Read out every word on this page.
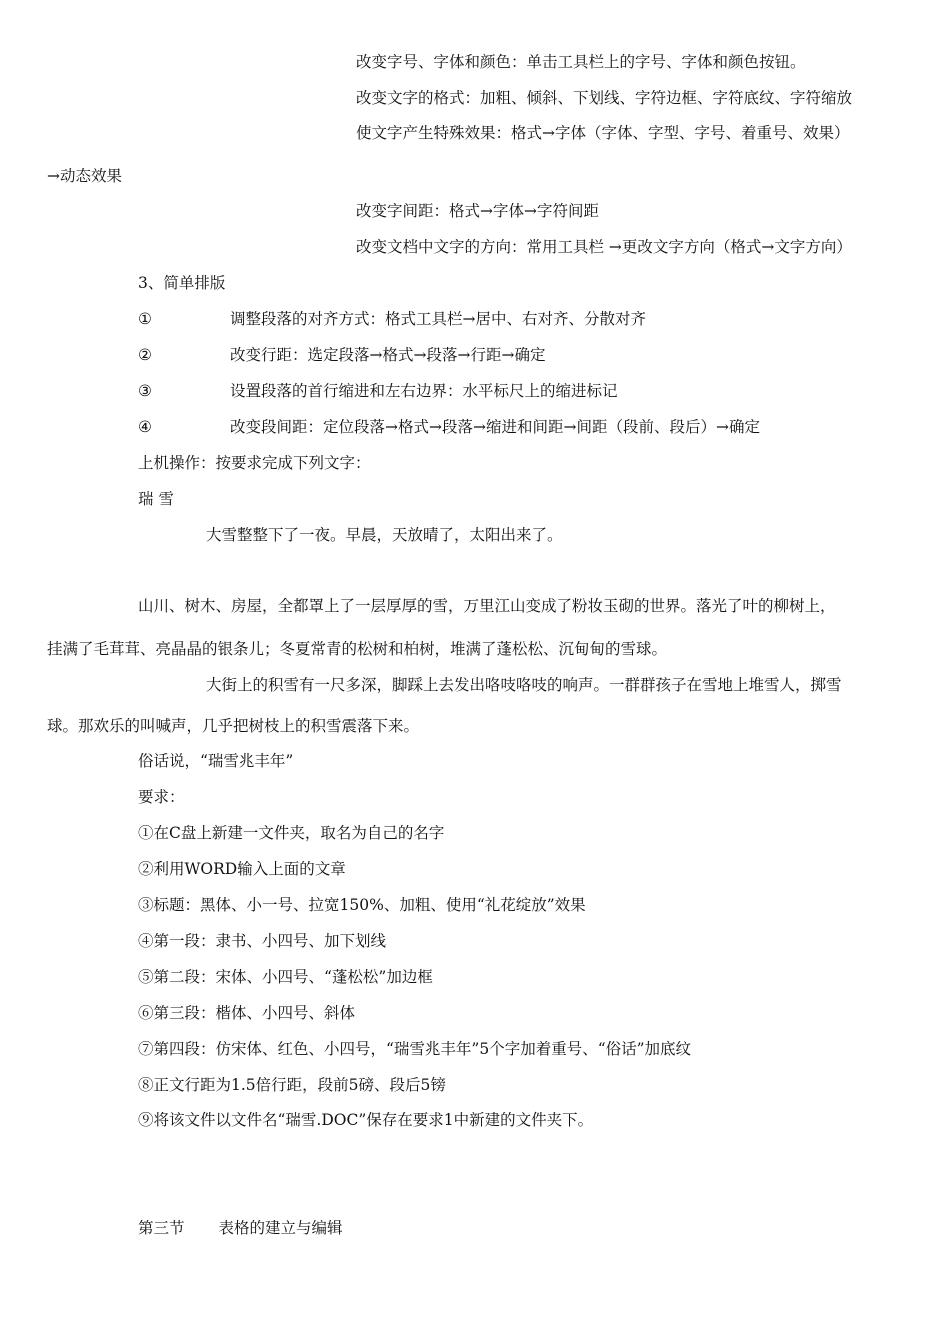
改变字号、字体和颜色：单击工具栏上的字号、字体和颜色按钮。
改变文字的格式：加粗、倾斜、下划线、字符边框、字符底纹、字符缩放
使文字产生特殊效果：格式→字体（字体、字型、字号、着重号、效果）
→动态效果
改变字间距：格式→字体→字符间距
改变文档中文字的方向：常用工具栏 →更改文字方向（格式→文字方向）
3、简单排版
①	调整段落的对齐方式：格式工具栏→居中、右对齐、分散对齐
②	改变行距：选定段落→格式→段落→行距→确定
③	设置段落的首行缩进和左右边界：水平标尺上的缩进标记
④	改变段间距：定位段落→格式→段落→缩进和间距→间距（段前、段后）→确定
上机操作：按要求完成下列文字：
瑞 雪
大雪整整下了一夜。早晨，天放晴了，太阳出来了。
山川、树木、房屋，全都罩上了一层厚厚的雪，万里江山变成了粉妆玉砌的世界。落光了叶的柳树上，
挂满了毛茸茸、亮晶晶的银条儿；冬夏常青的松树和柏树，堆满了蓬松松、沉甸甸的雪球。
大街上的积雪有一尺多深，脚踩上去发出咯吱咯吱的响声。一群群孩子在雪地上堆雪人，掷雪
球。那欢乐的叫喊声，几乎把树枝上的积雪震落下来。
俗话说，“瑞雪兆丰年”
要求：
①在C盘上新建一文件夹，取名为自己的名字
②利用WORD输入上面的文章
③标题：黑体、小一号、拉宽150%、加粗、使用“礼花绽放”效果
④第一段：隶书、小四号、加下划线
⑤第二段：宋体、小四号、“蓬松松”加边框
⑥第三段：楷体、小四号、斜体
⑦第四段：仿宋体、红色、小四号，“瑞雪兆丰年”5个字加着重号、“俗话”加底纹
⑧正文行距为1.5倍行距，段前5磅、段后5镑
⑨将该文件以文件名“瑞雪.DOC”保存在要求1中新建的文件夹下。
第三节 表格的建立与编辑
